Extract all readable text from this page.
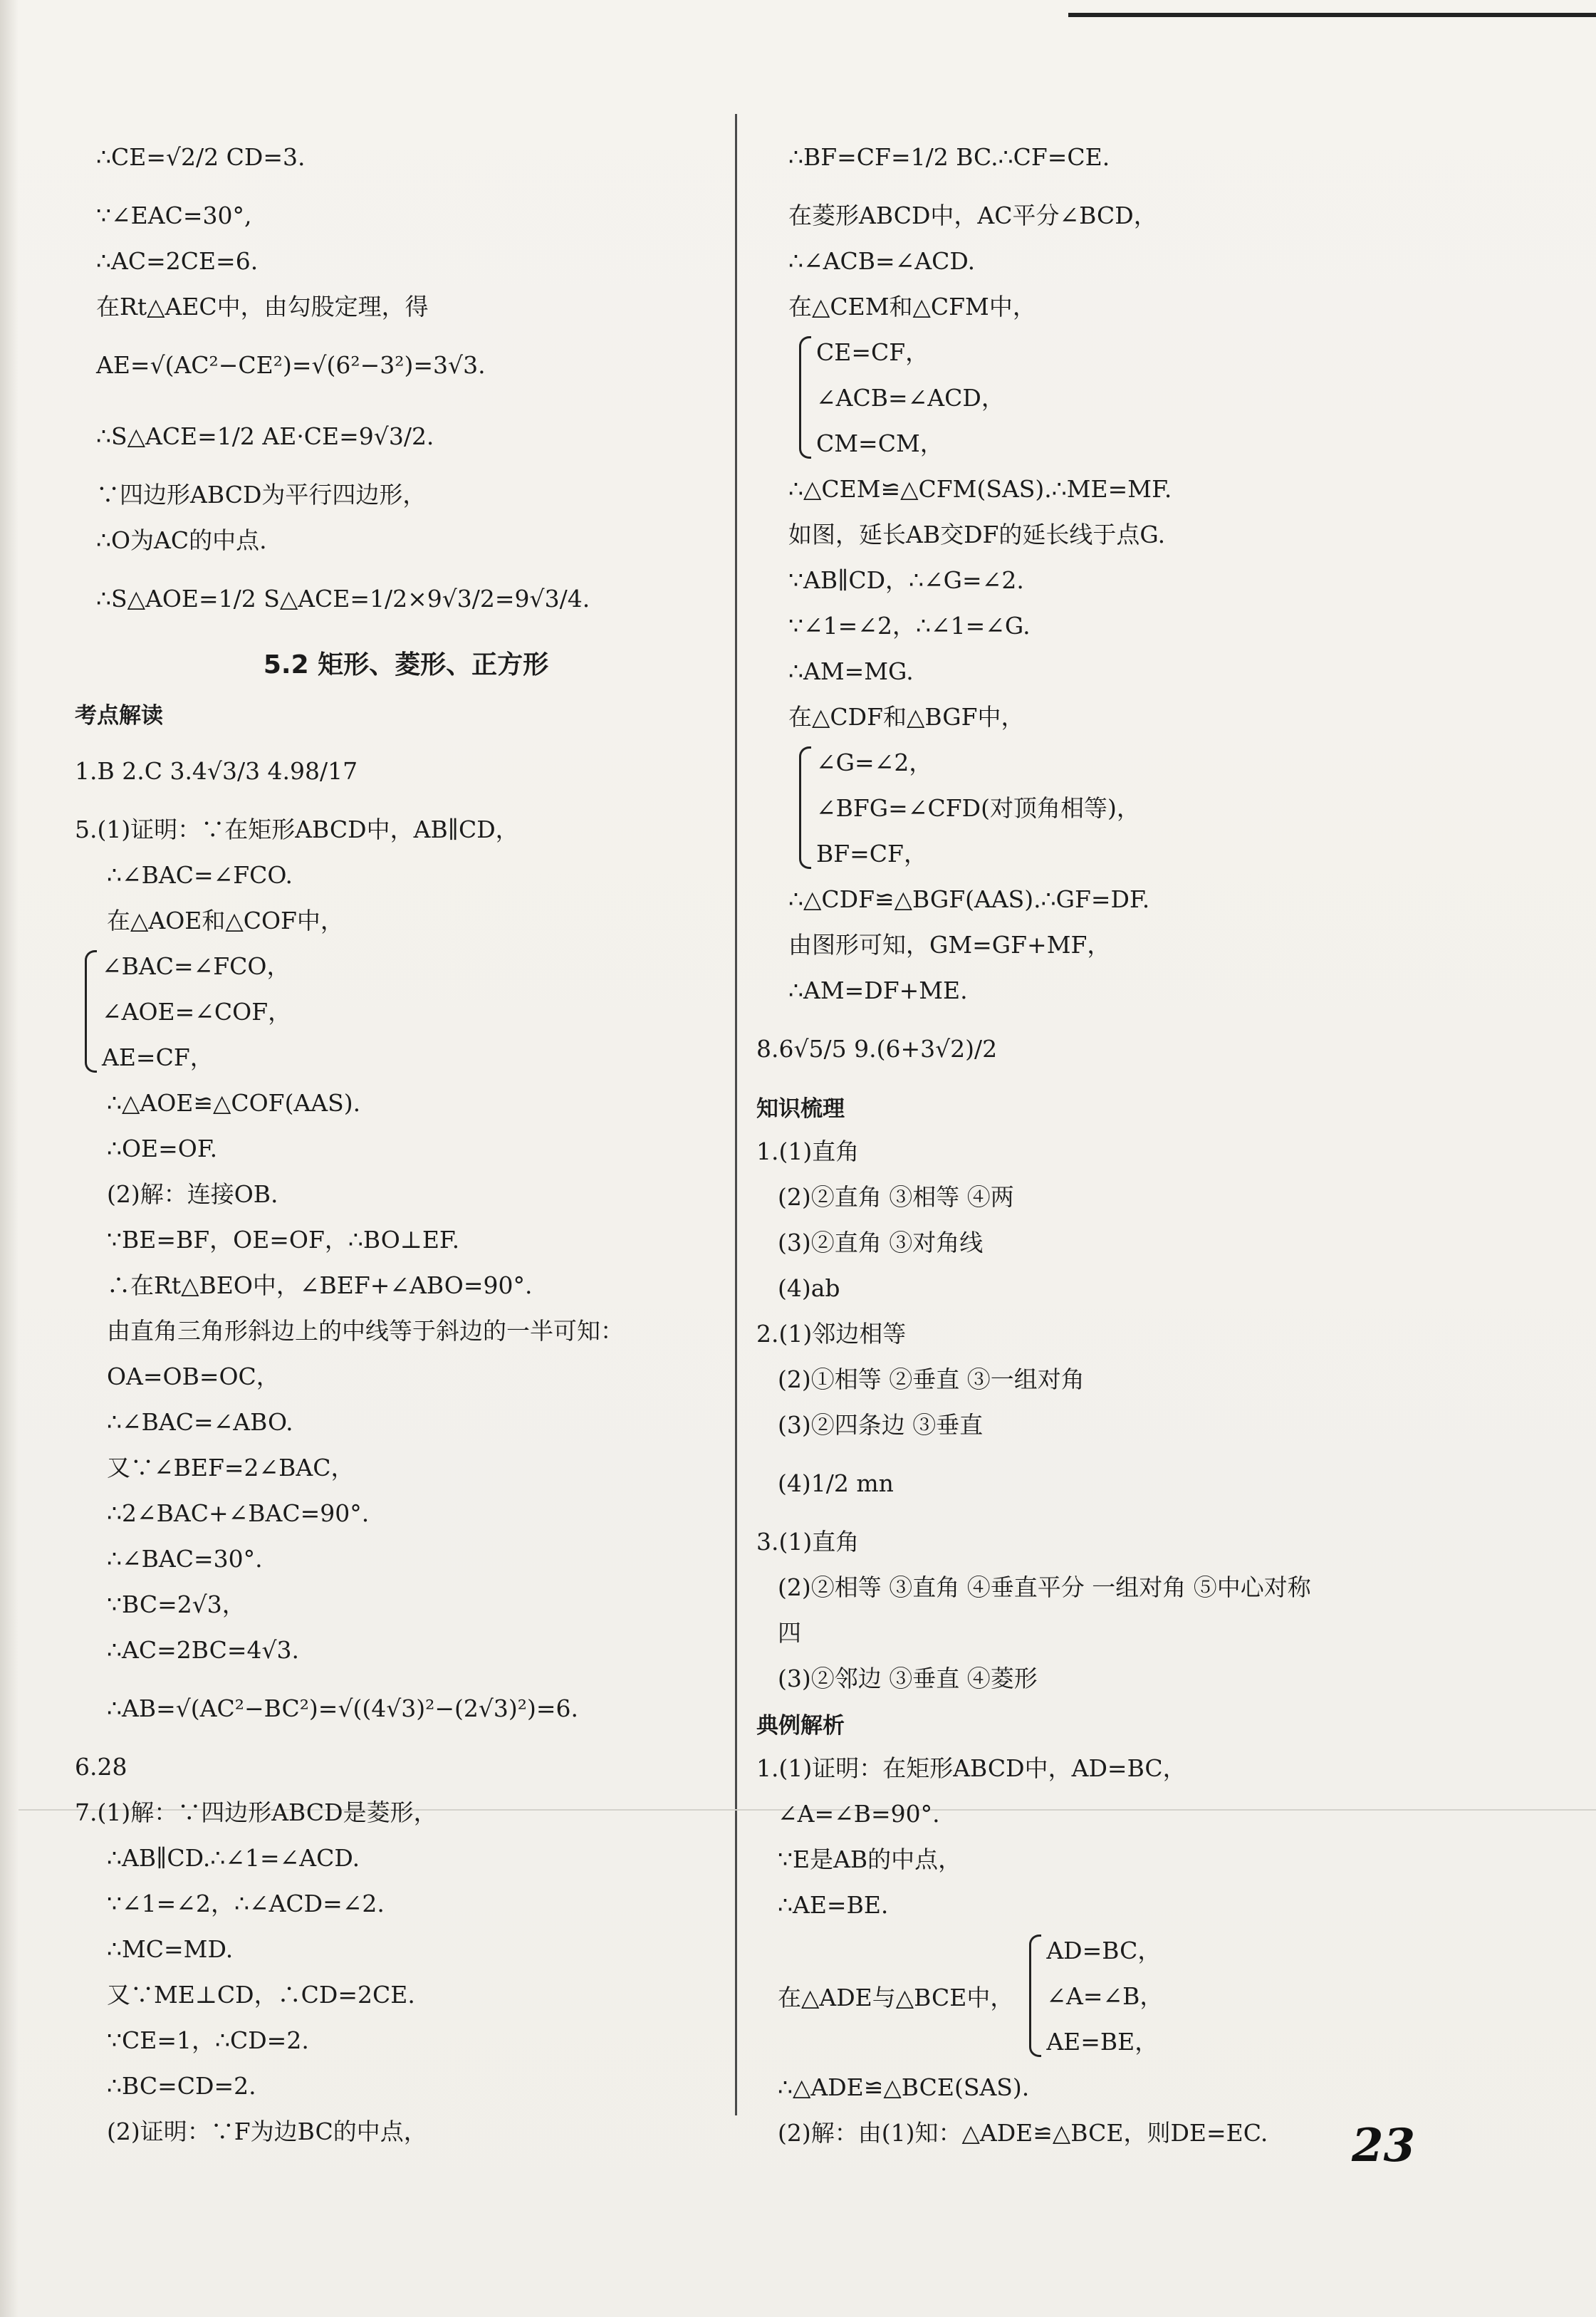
∴CE=√2/2 CD=3.
∵∠EAC=30°,
∴AC=2CE=6.
在Rt△AEC中，由勾股定理，得
AE=√(AC²−CE²)=√(6²−3²)=3√3.
∴S△ACE=1/2 AE·CE=9√3/2.
∵四边形ABCD为平行四边形，
∴O为AC的中点.
∴S△AOE=1/2 S△ACE=1/2×9√3/2=9√3/4.
5.2 矩形、菱形、正方形
考点解读
1.B 2.C 3.4√3/3 4.98/17
5.(1)证明：∵在矩形ABCD中，AB∥CD，
∴∠BAC=∠FCO.
在△AOE和△COF中，
∠BAC=∠FCO，
∠AOE=∠COF，
AE=CF，
∴△AOE≌△COF(AAS).
∴OE=OF.
(2)解：连接OB.
∵BE=BF，OE=OF，∴BO⊥EF.
∴在Rt△BEO中，∠BEF+∠ABO=90°.
由直角三角形斜边上的中线等于斜边的一半可知：
OA=OB=OC，
∴∠BAC=∠ABO.
又∵∠BEF=2∠BAC，
∴2∠BAC+∠BAC=90°.
∴∠BAC=30°.
∵BC=2√3，
∴AC=2BC=4√3.
∴AB=√(AC²−BC²)=√((4√3)²−(2√3)²)=6.
6.28
7.(1)解：∵四边形ABCD是菱形，
∴AB∥CD.∴∠1=∠ACD.
∵∠1=∠2，∴∠ACD=∠2.
∴MC=MD.
又∵ME⊥CD，∴CD=2CE.
∵CE=1，∴CD=2.
∴BC=CD=2.
(2)证明：∵F为边BC的中点，
∴BF=CF=1/2 BC.∴CF=CE.
在菱形ABCD中，AC平分∠BCD，
∴∠ACB=∠ACD.
在△CEM和△CFM中，
CE=CF，
∠ACB=∠ACD，
CM=CM，
∴△CEM≌△CFM(SAS).∴ME=MF.
如图，延长AB交DF的延长线于点G.
∵AB∥CD，∴∠G=∠2.
∵∠1=∠2，∴∠1=∠G.
∴AM=MG.
在△CDF和△BGF中，
∠G=∠2，
∠BFG=∠CFD(对顶角相等)，
BF=CF，
∴△CDF≌△BGF(AAS).∴GF=DF.
由图形可知，GM=GF+MF，
∴AM=DF+ME.
8.6√5/5 9.(6+3√2)/2
知识梳理
1.(1)直角
(2)②直角 ③相等 ④两
(3)②直角 ③对角线
(4)ab
2.(1)邻边相等
(2)①相等 ②垂直 ③一组对角
(3)②四条边 ③垂直
(4)1/2 mn
3.(1)直角
(2)②相等 ③直角 ④垂直平分 一组对角 ⑤中心对称
四
(3)②邻边 ③垂直 ④菱形
典例解析
1.(1)证明：在矩形ABCD中，AD=BC，
∠A=∠B=90°.
∵E是AB的中点，
∴AE=BE.
在△ADE与△BCE中，
AD=BC，
∠A=∠B，
AE=BE，
∴△ADE≌△BCE(SAS).
(2)解：由(1)知：△ADE≌△BCE，则DE=EC.	23
